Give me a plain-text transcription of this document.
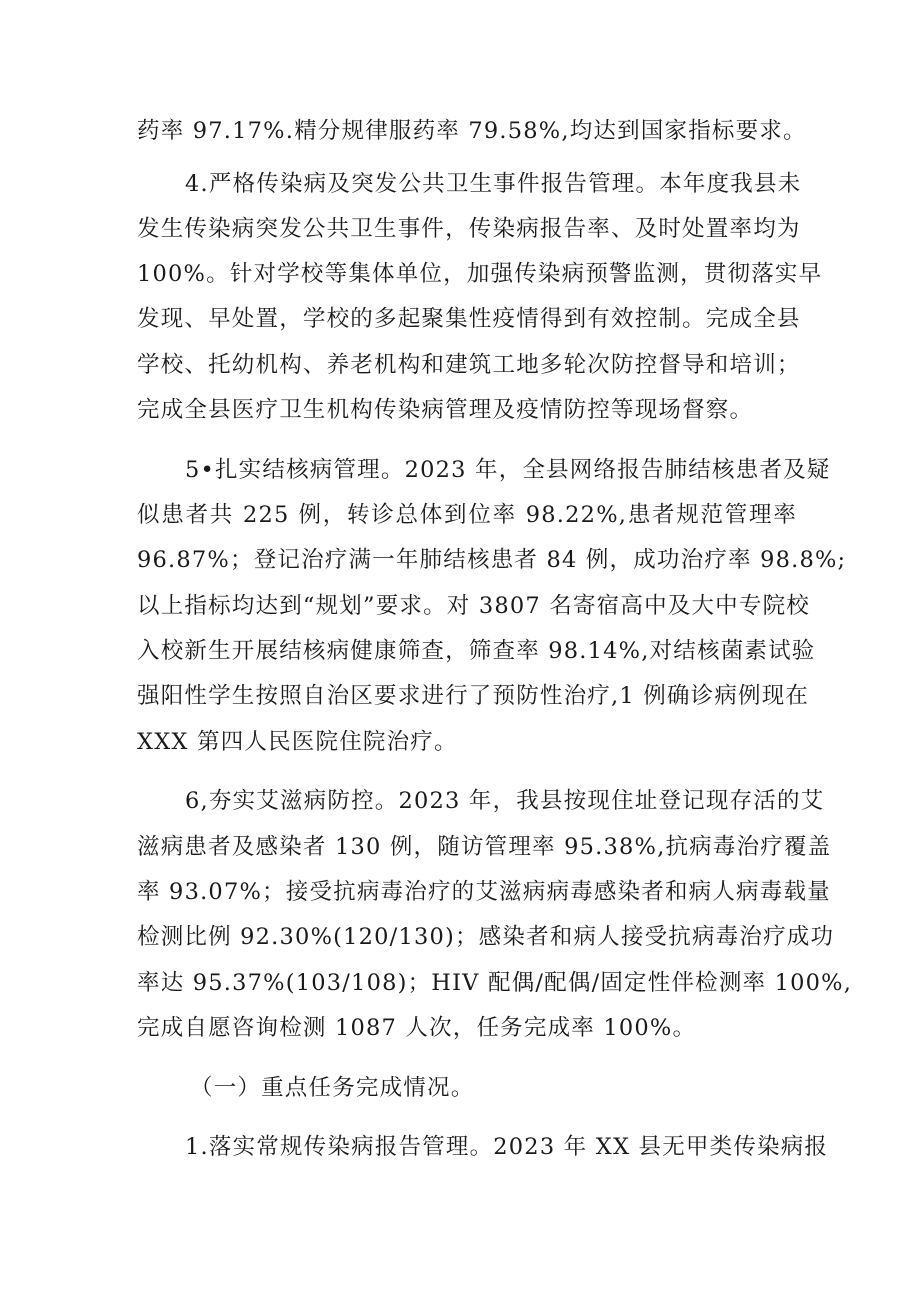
药率 97.17%.精分规律服药率 79.58%,均达到国家指标要求。
4.严格传染病及突发公共卫生事件报告管理。本年度我县未
发生传染病突发公共卫生事件，传染病报告率、及时处置率均为
100%。针对学校等集体单位，加强传染病预警监测，贯彻落实早
发现、早处置，学校的多起聚集性疫情得到有效控制。完成全县
学校、托幼机构、养老机构和建筑工地多轮次防控督导和培训；
完成全县医疗卫生机构传染病管理及疫情防控等现场督察。
5•扎实结核病管理。2023 年，全县网络报告肺结核患者及疑
似患者共 225 例，转诊总体到位率 98.22%,患者规范管理率
96.87%；登记治疗满一年肺结核患者 84 例，成功治疗率 98.8%;
以上指标均达到“规划”要求。对 3807 名寄宿高中及大中专院校
入校新生开展结核病健康筛查，筛查率 98.14%,对结核菌素试验
强阳性学生按照自治区要求进行了预防性治疗,1 例确诊病例现在
XXX 第四人民医院住院治疗。
6,夯实艾滋病防控。2023 年，我县按现住址登记现存活的艾
滋病患者及感染者 130 例，随访管理率 95.38%,抗病毒治疗覆盖
率 93.07%；接受抗病毒治疗的艾滋病病毒感染者和病人病毒载量
检测比例 92.30%(120/130)；感染者和病人接受抗病毒治疗成功
率达 95.37%(103/108)；HIV 配偶/配偶/固定性伴检测率 100%,
完成自愿咨询检测 1087 人次，任务完成率 100%。
（一）重点任务完成情况。
1.落实常规传染病报告管理。2023 年 XX 县无甲类传染病报
